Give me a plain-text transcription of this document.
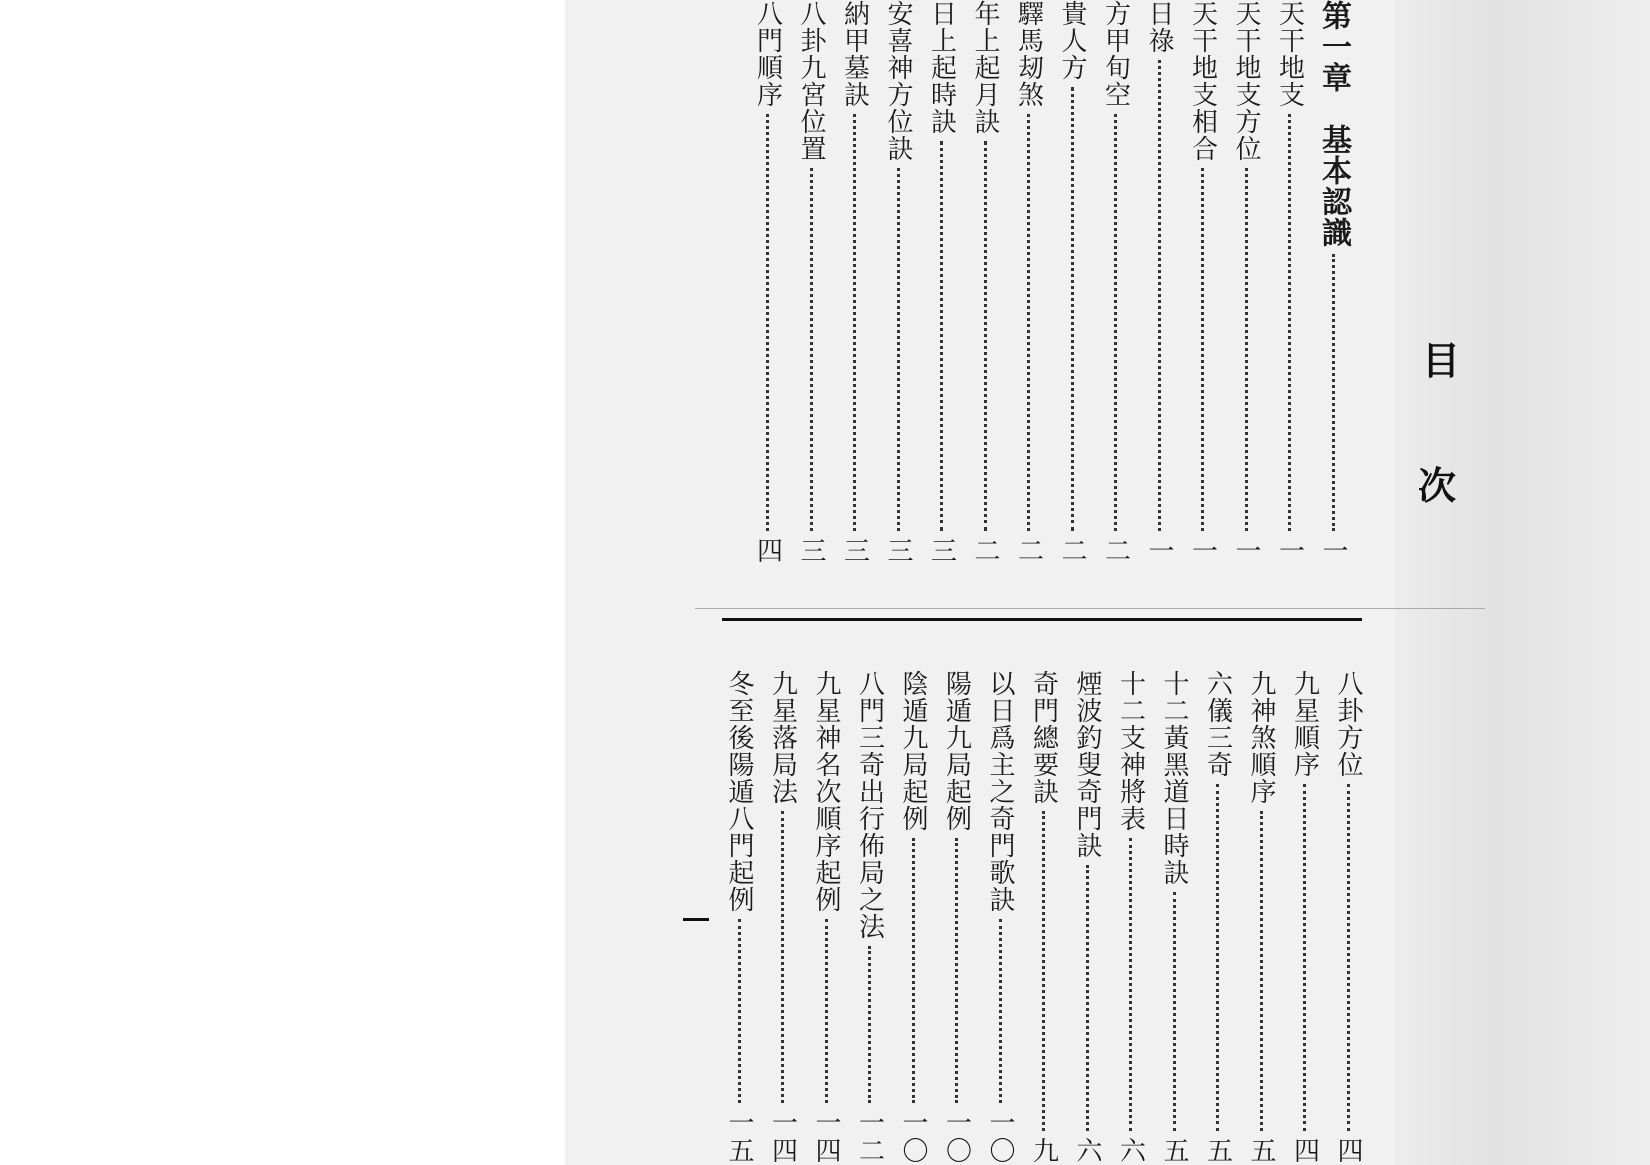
目
次
第一章　基本認識
一
天干地支
一
天干地支方位
一
天干地支相合
一
日祿
一
方甲旬空
二
貴人方
二
驛馬刼煞
二
年上起月訣
二
日上起時訣
三
安喜神方位訣
三
納甲墓訣
三
八卦九宮位置
三
八門順序
四
八卦方位
四
九星順序
四
九神煞順序
五
六儀三奇
五
十二黃黑道日時訣
五
十二支神將表
六
煙波釣叟奇門訣
六
奇門總要訣
九
以日爲主之奇門歌訣
一〇
陽遁九局起例
一〇
陰遁九局起例
一〇
八門三奇出行佈局之法
一二
九星神名次順序起例
一四
九星落局法
一四
冬至後陽遁八門起例
一五
